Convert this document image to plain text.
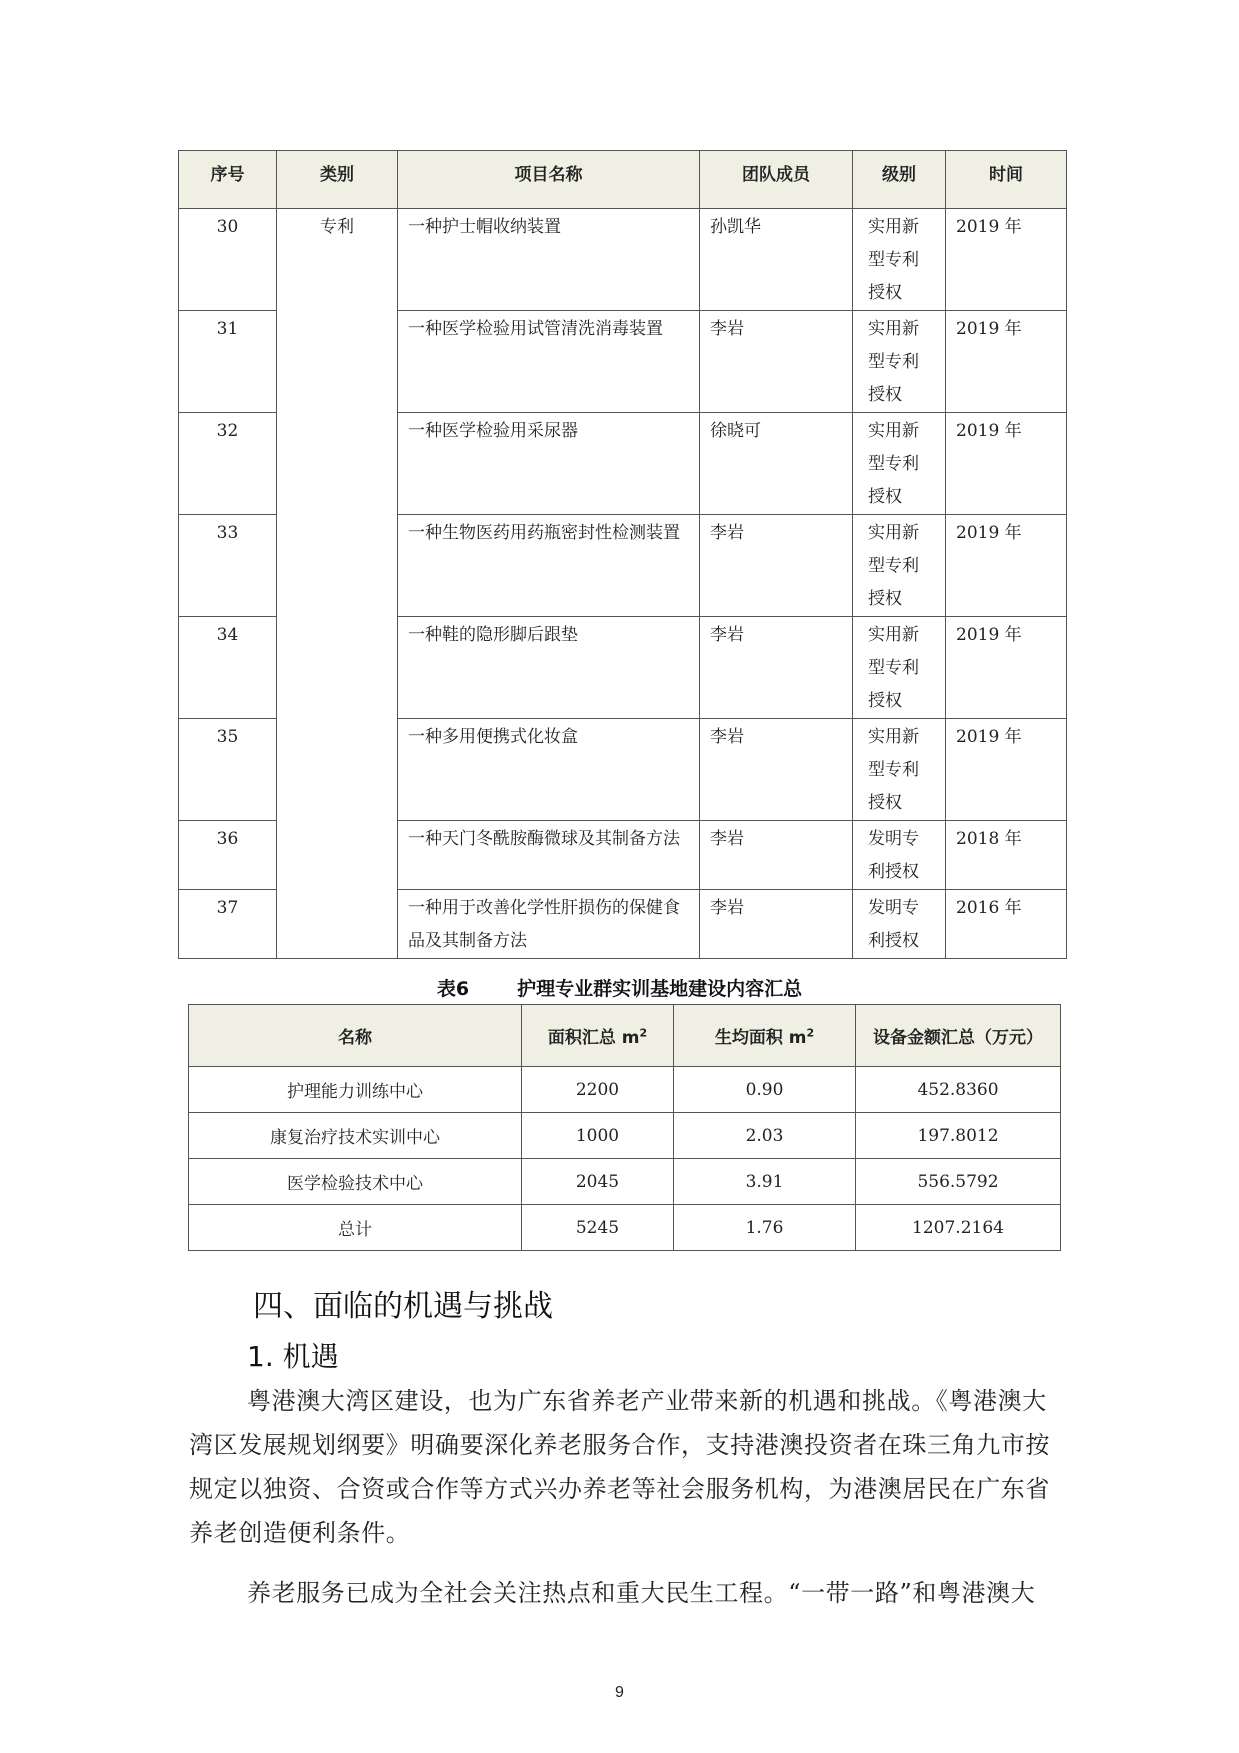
序号	类别	项目名称	团队成员	级别	时间
30	专利	一种护士帽收纳装置	孙凯华	实用新型专利授权	2019 年
31		一种医学检验用试管清洗消毒装置	李岩	实用新型专利授权	2019 年
32		一种医学检验用采尿器	徐晓可	实用新型专利授权	2019 年
33		一种生物医药用药瓶密封性检测装置	李岩	实用新型专利授权	2019 年
34		一种鞋的隐形脚后跟垫	李岩	实用新型专利授权	2019 年
35		一种多用便携式化妆盒	李岩	实用新型专利授权	2019 年
36		一种天门冬酰胺酶微球及其制备方法	李岩	发明专利授权	2018 年
37		一种用于改善化学性肝损伤的保健食品及其制备方法	李岩	发明专利授权	2016 年
表6	护理专业群实训基地建设内容汇总
名称	面积汇总 $m^2$	生均面积 $m^2$	设备金额汇总（万元）
护理能力训练中心	2200	0.90	452.8360
康复治疗技术实训中心	1000	2.03	197.8012
医学检验技术中心	2045	3.91	556.5792
总计	5245	1.76	1207.2164
四、面临的机遇与挑战
1. 机遇

粤港澳大湾区建设，也为广东省养老产业带来新的机遇和挑战。《粤港澳大湾区发展规划纲要》明确要深化养老服务合作，支持港澳投资者在珠三角九市按规定以独资、合资或合作等方式兴办养老等社会服务机构，为港澳居民在广东省养老创造便利条件。

养老服务已成为全社会关注热点和重大民生工程。“一带一路”和粤港澳大

9
